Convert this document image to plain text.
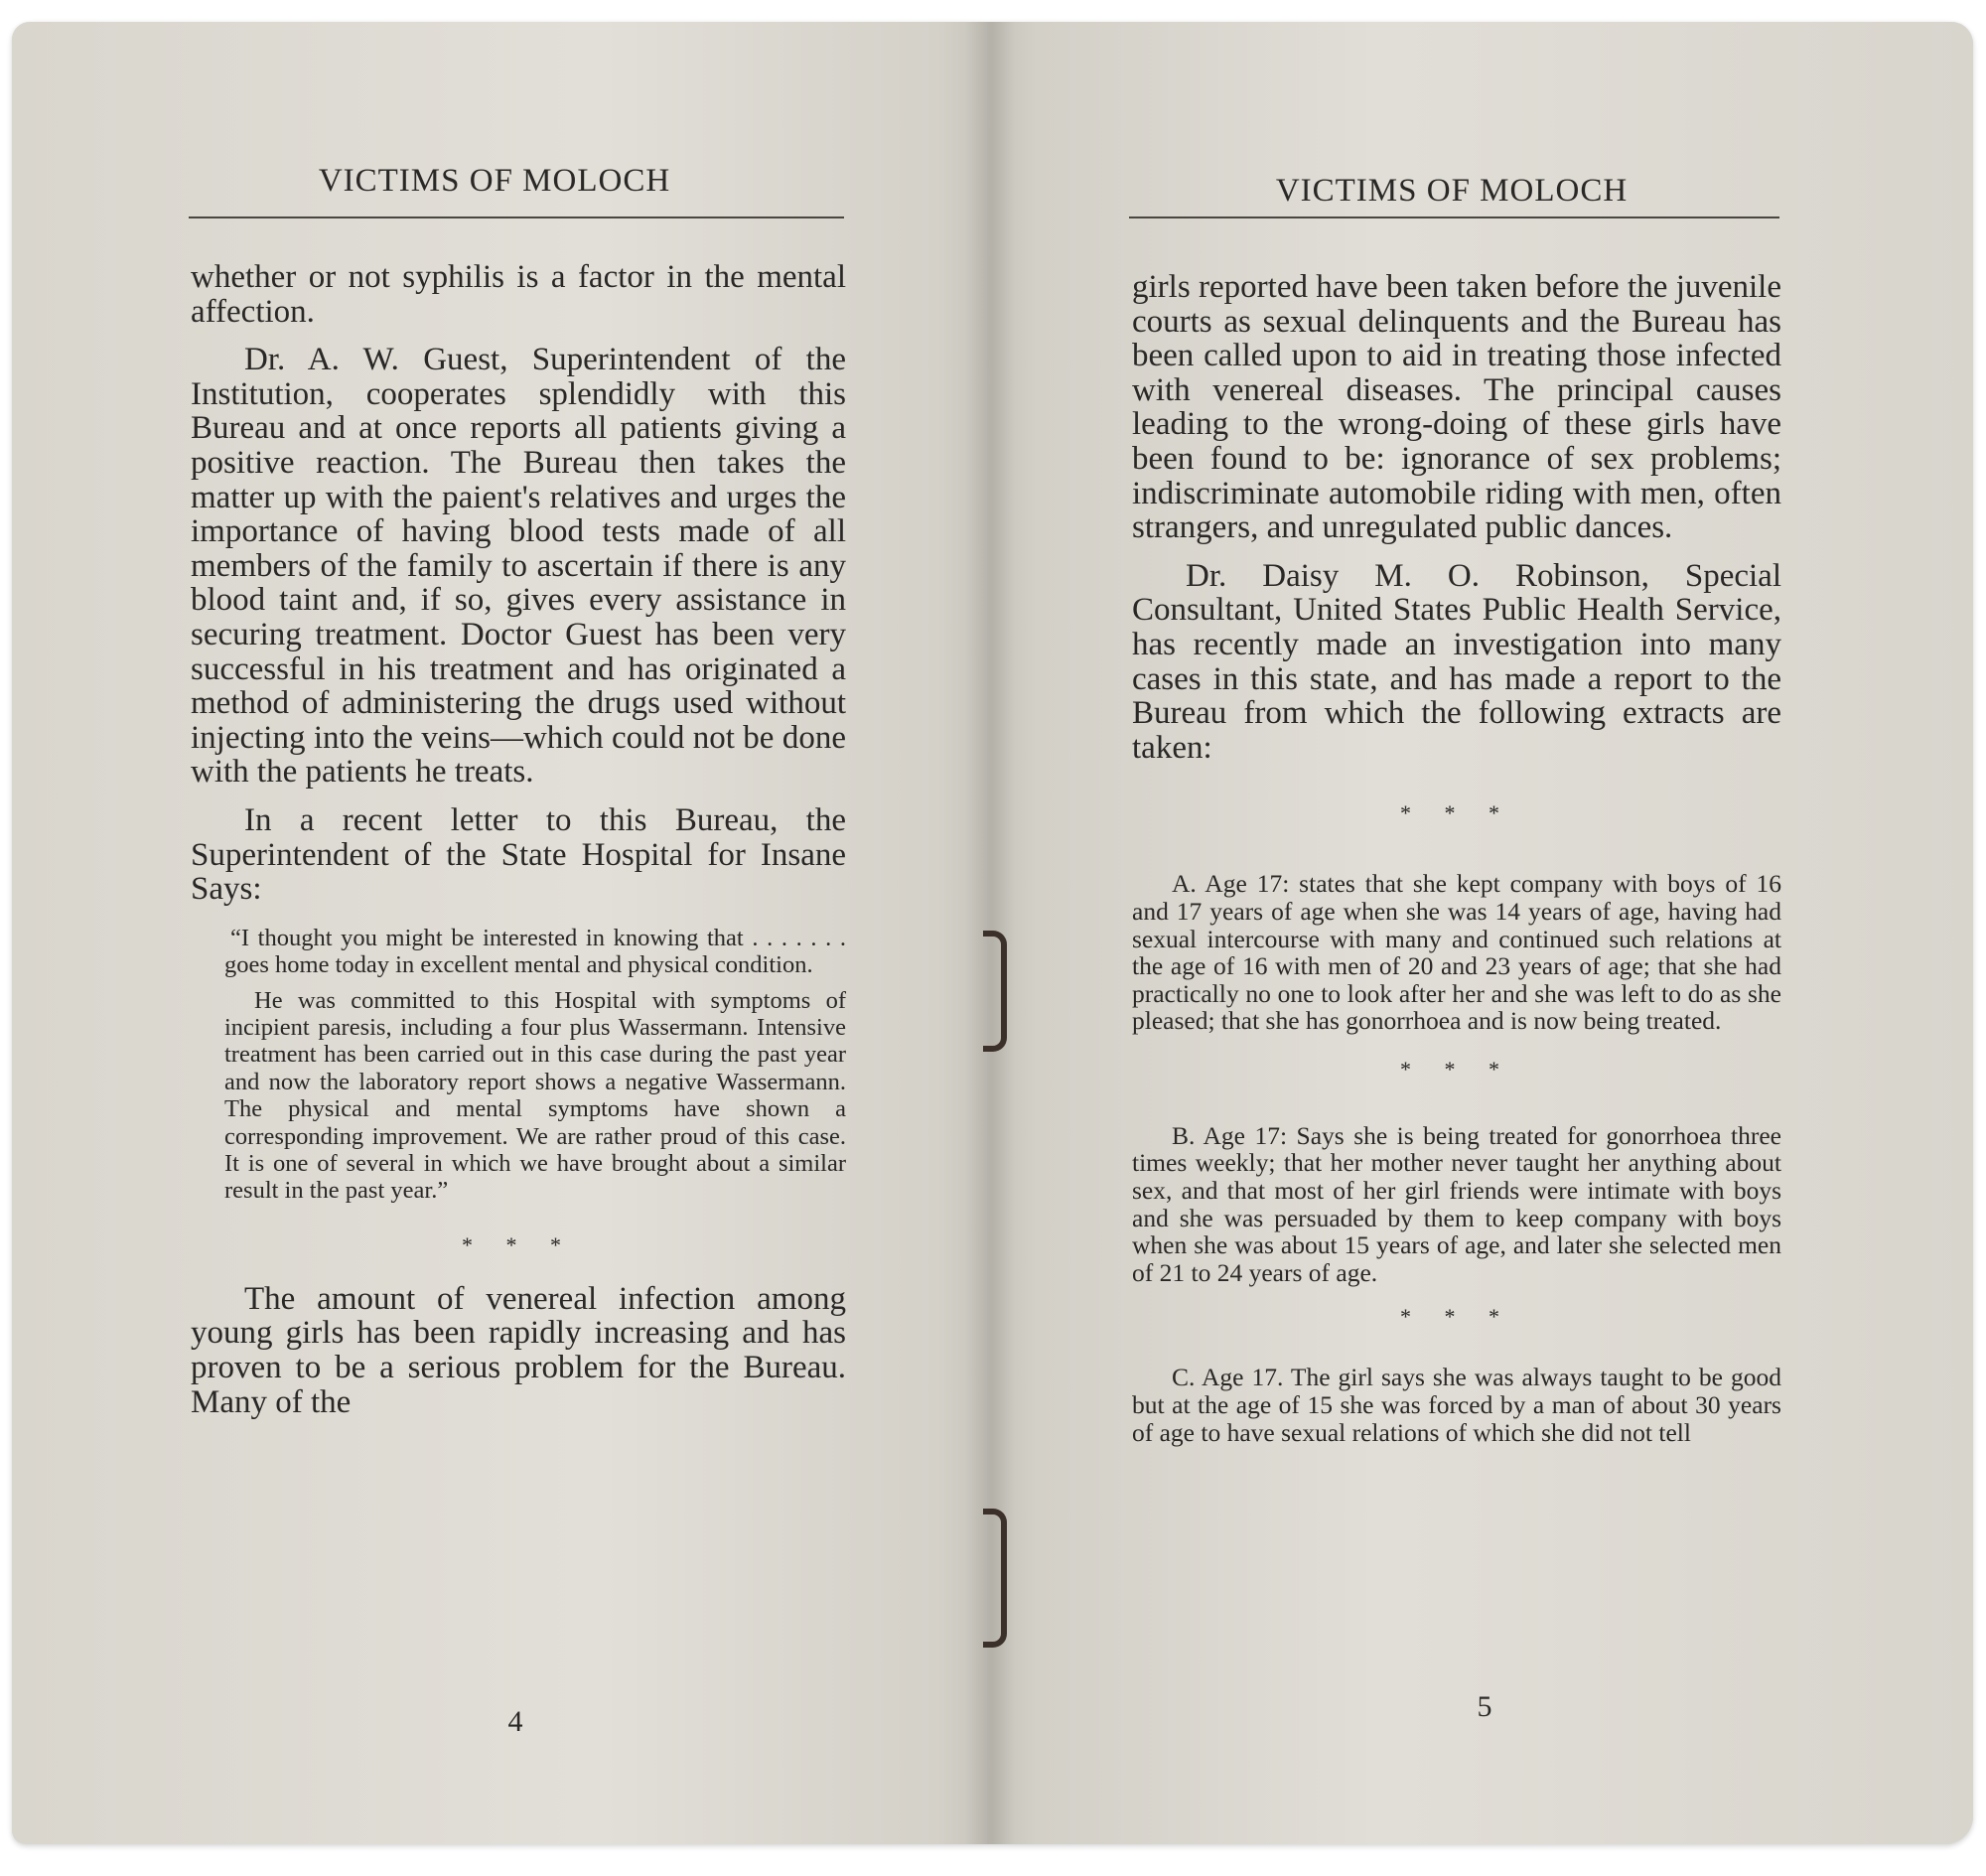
VICTIMS OF MOLOCH

whether or not syphilis is a factor in the mental affection.

Dr. A. W. Guest, Superintendent of the Institution, cooperates splendidly with this Bureau and at once reports all patients giving a positive reaction. The Bureau then takes the matter up with the paient's relatives and urges the importance of having blood tests made of all members of the family to ascertain if there is any blood taint and, if so, gives every assistance in securing treatment. Doctor Guest has been very successful in his treatment and has originated a method of administering the drugs used without injecting into the veins—which could not be done with the patients he treats.

In a recent letter to this Bureau, the Superintendent of the State Hospital for Insane Says:

“I thought you might be interested in knowing that . . . . . . . goes home today in excellent mental and physical condition.

He was committed to this Hospital with symptoms of incipient paresis, including a four plus Wassermann. Intensive treatment has been carried out in this case during the past year and now the laboratory report shows a negative Wassermann. The physical and mental symptoms have shown a corresponding improvement. We are rather proud of this case. It is one of several in which we have brought about a similar result in the past year.”

* * *

The amount of venereal infection among young girls has been rapidly increasing and has proven to be a serious problem for the Bureau. Many of the

4
VICTIMS OF MOLOCH

girls reported have been taken before the juvenile courts as sexual delinquents and the Bureau has been called upon to aid in treating those infected with venereal diseases. The principal causes leading to the wrong-doing of these girls have been found to be: ignorance of sex problems; indiscriminate automobile riding with men, often strangers, and unregulated public dances.

Dr. Daisy M. O. Robinson, Special Consultant, United States Public Health Service, has recently made an investigation into many cases in this state, and has made a report to the Bureau from which the following extracts are taken:

* * *

A. Age 17: states that she kept company with boys of 16 and 17 years of age when she was 14 years of age, having had sexual intercourse with many and continued such relations at the age of 16 with men of 20 and 23 years of age; that she had practically no one to look after her and she was left to do as she pleased; that she has gonorrhoea and is now being treated.

* * *

B. Age 17: Says she is being treated for gonorrhoea three times weekly; that her mother never taught her anything about sex, and that most of her girl friends were intimate with boys and she was persuaded by them to keep company with boys when she was about 15 years of age, and later she selected men of 21 to 24 years of age.

* * *

C. Age 17. The girl says she was always taught to be good but at the age of 15 she was forced by a man of about 30 years of age to have sexual relations of which she did not tell

5
